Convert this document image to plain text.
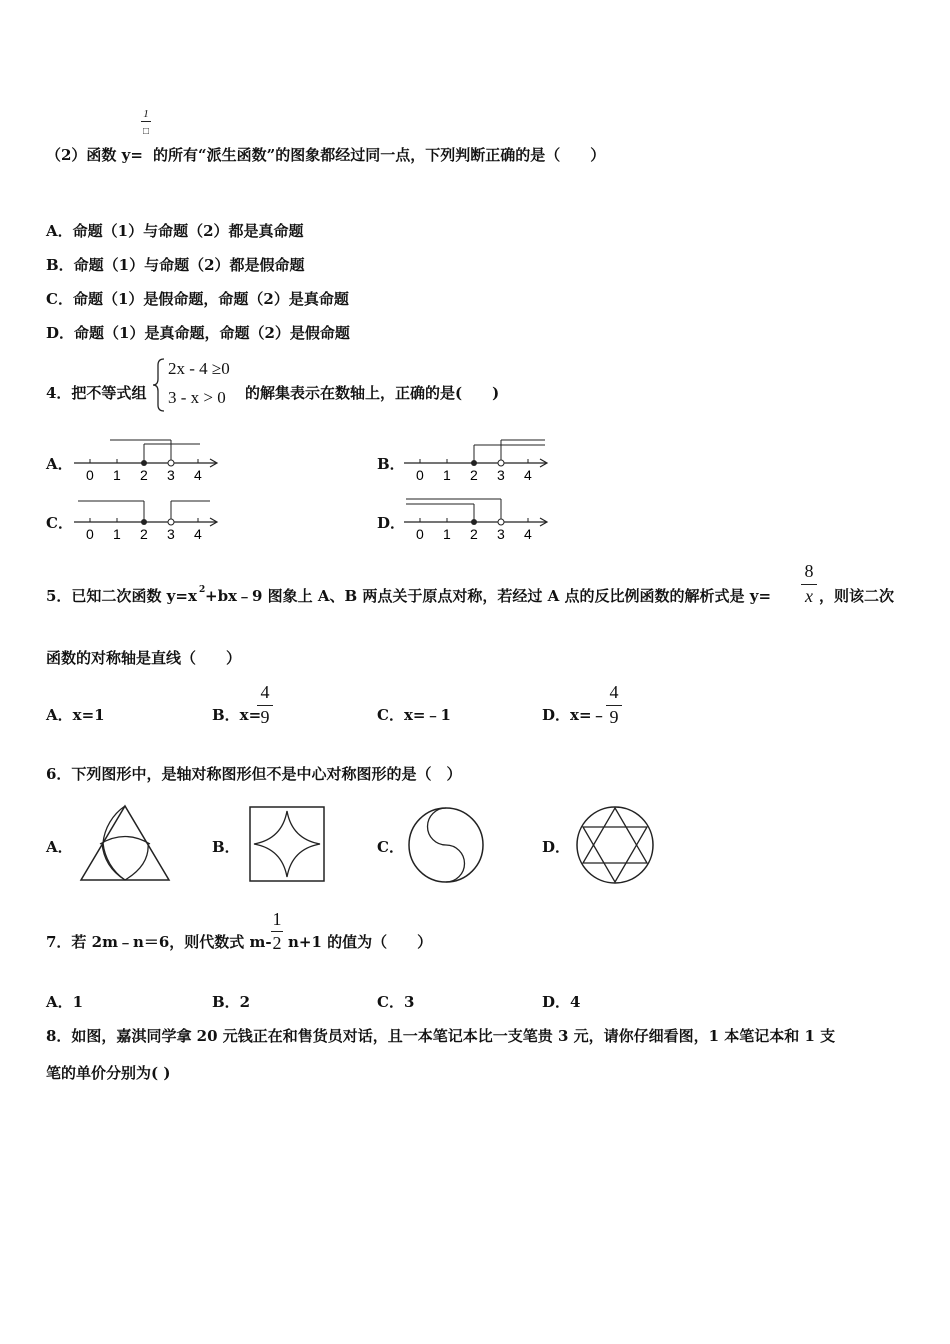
1
□
（2）函数 y= 的所有“派生函数”的图象都经过同一点，下列判断正确的是（　　）
A．命题（1）与命题（2）都是真命题
B．命题（1）与命题（2）都是假命题
C．命题（1）是假命题，命题（2）是真命题
D．命题（1）是真命题，命题（2）是假命题
4．把不等式组
2x - 4 ≥0
3 - x > 0 的解集表示在数轴上，正确的是(　　)
A．	B．
C．	D．
0 1 2 3 4	0 1 2 3 4
0 1 2 3 4	0 1 2 3 4
5．已知二次函数 y=x 2 +bx﹣9 图象上 A、B 两点关于原点对称，若经过 A 点的反比例函数的解析式是 y=
8
x ，则该二次
函数的对称轴是直线（　　）
A．x=1	B．x=
4
9	C．x=﹣1	D．x=﹣
4
9
6．下列图形中，是轴对称图形但不是中心对称图形的是（　）
A．	B．	C．	D．
7．若 2m﹣n＝6，则代数式 m-
1
2 n+1 的值为（　　）
A．1	B．2	C．3	D．4
8．如图，嘉淇同学拿 20 元钱正在和售货员对话，且一本笔记本比一支笔贵 3 元，请你仔细看图，1 本笔记本和 1 支
笔的单价分别为( )
